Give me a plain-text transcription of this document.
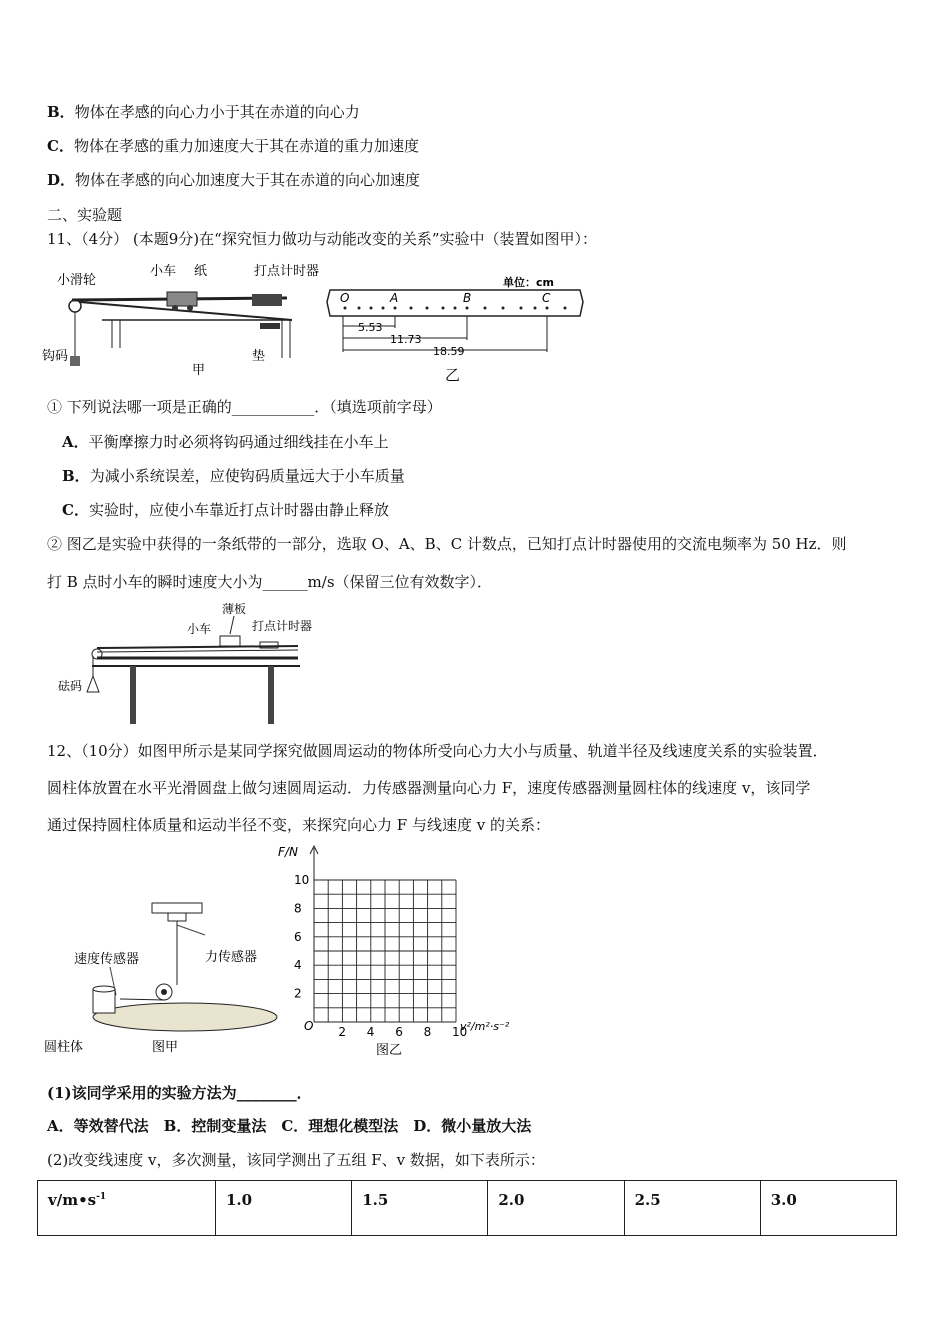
B．物体在孝感的向心力小于其在赤道的向心力
C．物体在孝感的重力加速度大于其在赤道的重力加速度
D．物体在孝感的向心加速度大于其在赤道的向心加速度
二、实验题
11、（4分） (本题9分)在“探究恒力做功与动能改变的关系”实验中（装置如图甲）：
小滑轮
小车 纸	打点计时器
钩码	垫
甲
单位：cm
O	A	B	C
5.53
11.73
18.59
乙
① 下列说法哪一项是正确的___________．（填选项前字母）
A．平衡摩擦力时必须将钩码通过细线挂在小车上
B．为减小系统误差，应使钩码质量远大于小车质量
C．实验时，应使小车靠近打点计时器由静止释放
② 图乙是实验中获得的一条纸带的一部分，选取 O、A、B、C 计数点，已知打点计时器使用的交流电频率为 50 Hz．则
打 B 点时小车的瞬时速度大小为______m/s（保留三位有效数字）．
薄板
小车	打点计时器
砝码
12、（10分）如图甲所示是某同学探究做圆周运动的物体所受向心力大小与质量、轨道半径及线速度关系的实验装置．
圆柱体放置在水平光滑圆盘上做匀速圆周运动．力传感器测量向心力 F，速度传感器测量圆柱体的线速度 v，该同学
通过保持圆柱体质量和运动半径不变，来探究向心力 F 与线速度 v 的关系：
力传感器
速度传感器
圆柱体	图甲
F/N
O	v²/m²·s⁻²
图乙
2
4
6
8
10
2 4 6 8 10
(1)该同学采用的实验方法为________．
A．等效替代法　B．控制变量法　C．理想化模型法　D．微小量放大法
(2)改变线速度 v，多次测量，该同学测出了五组 F、v 数据，如下表所示：
$v/m•s^{-1}$	1.0	1.5	2.0	2.5	3.0
